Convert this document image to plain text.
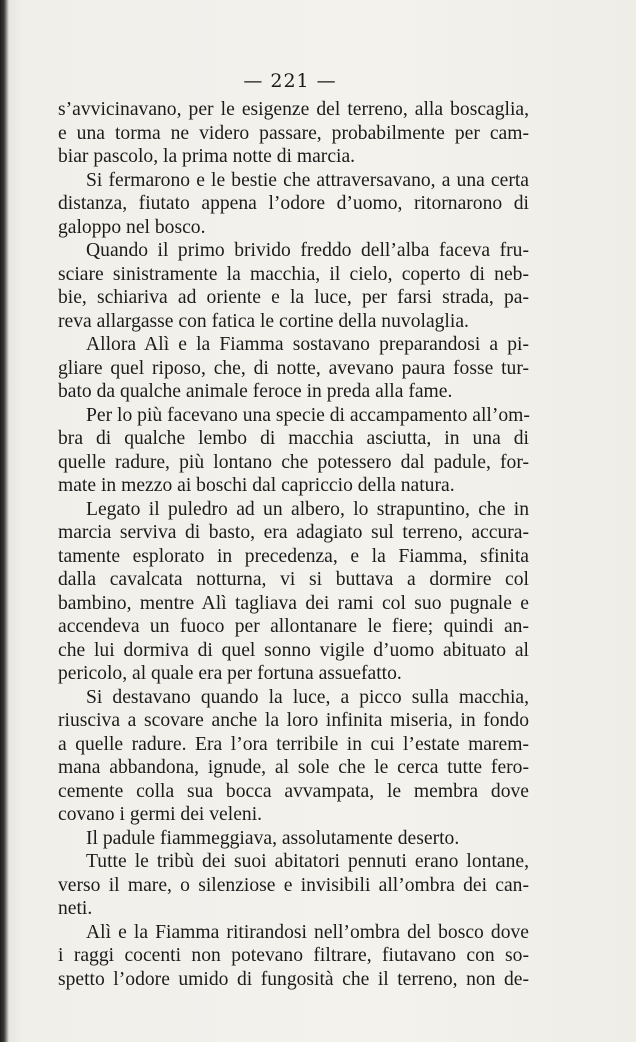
— 221 —
s’avvicinavano, per le esigenze del terreno, alla boscaglia,
e una torma ne videro passare, probabilmente per cam-
biar pascolo, la prima notte di marcia.
Si fermarono e le bestie che attraversavano, a una certa
distanza, fiutato appena l’odore d’uomo, ritornarono di
galoppo nel bosco.
Quando il primo brivido freddo dell’alba faceva fru-
sciare sinistramente la macchia, il cielo, coperto di neb-
bie, schiariva ad oriente e la luce, per farsi strada, pa-
reva allargasse con fatica le cortine della nuvolaglia.
Allora Alì e la Fiamma sostavano preparandosi a pi-
gliare quel riposo, che, di notte, avevano paura fosse tur-
bato da qualche animale feroce in preda alla fame.
Per lo più facevano una specie di accampamento all’om-
bra di qualche lembo di macchia asciutta, in una di
quelle radure, più lontano che potessero dal padule, for-
mate in mezzo ai boschi dal capriccio della natura.
Legato il puledro ad un albero, lo strapuntino, che in
marcia serviva di basto, era adagiato sul terreno, accura-
tamente esplorato in precedenza, e la Fiamma, sfinita
dalla cavalcata notturna, vi si buttava a dormire col
bambino, mentre Alì tagliava dei rami col suo pugnale e
accendeva un fuoco per allontanare le fiere; quindi an-
che lui dormiva di quel sonno vigile d’uomo abituato al
pericolo, al quale era per fortuna assuefatto.
Si destavano quando la luce, a picco sulla macchia,
riusciva a scovare anche la loro infinita miseria, in fondo
a quelle radure. Era l’ora terribile in cui l’estate marem-
mana abbandona, ignude, al sole che le cerca tutte fero-
cemente colla sua bocca avvampata, le membra dove
covano i germi dei veleni.
Il padule fiammeggiava, assolutamente deserto.
Tutte le tribù dei suoi abitatori pennuti erano lontane,
verso il mare, o silenziose e invisibili all’ombra dei can-
neti.
Alì e la Fiamma ritirandosi nell’ombra del bosco dove
i raggi cocenti non potevano filtrare, fiutavano con so-
spetto l’odore umido di fungosità che il terreno, non de-
